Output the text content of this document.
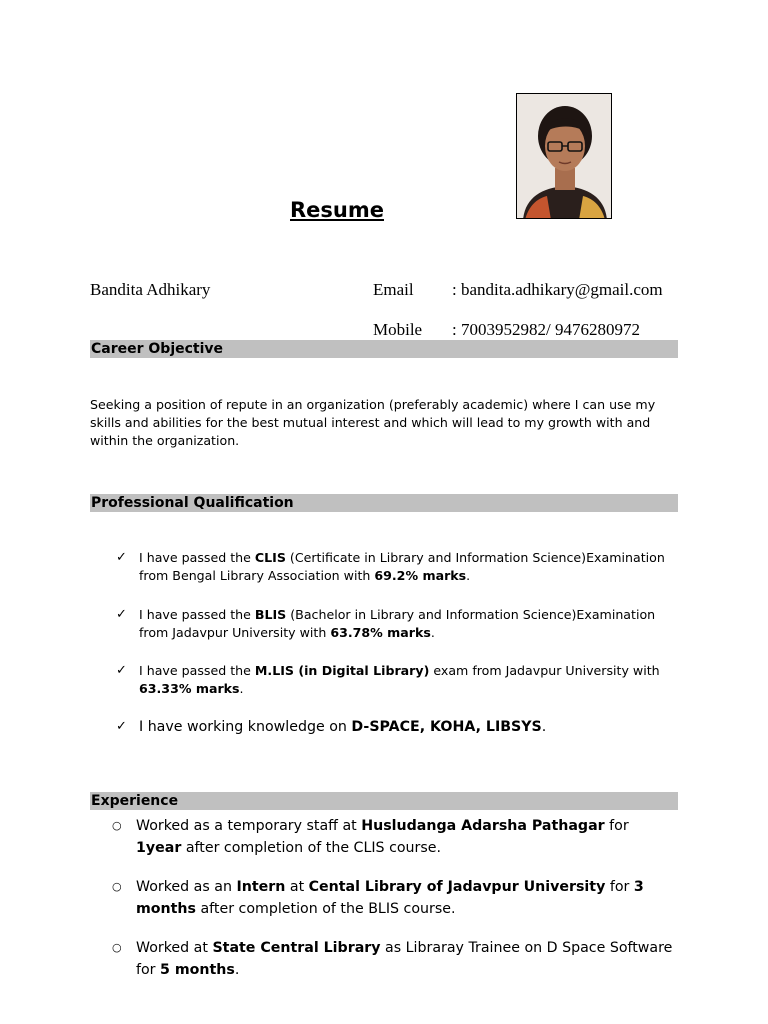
Resume
Bandita Adhikary	Email : bandita.adhikary@gmail.com
Mobile : 7003952982/ 9476280972
Career Objective
Seeking a position of repute in an organization (preferably academic) where I can use my skills and abilities for the best mutual interest and which will lead to my growth with and within the organization.
Professional Qualification
✓ I have passed the CLIS (Certificate in Library and Information Science)Examination from Bengal Library Association with 69.2% marks.
✓ I have passed the BLIS (Bachelor in Library and Information Science)Examination from Jadavpur University with 63.78% marks.
✓ I have passed the M.LIS (in Digital Library) exam from Jadavpur University with 63.33% marks.
✓ I have working knowledge on D-SPACE, KOHA, LIBSYS.
Experience
○ Worked as a temporary staff at Husludanga Adarsha Pathagar for 1year after completion of the CLIS course.
○ Worked as an Intern at Cental Library of Jadavpur University for 3 months after completion of the BLIS course.
○ Worked at State Central Library as Libraray Trainee on D Space Software for 5 months.
